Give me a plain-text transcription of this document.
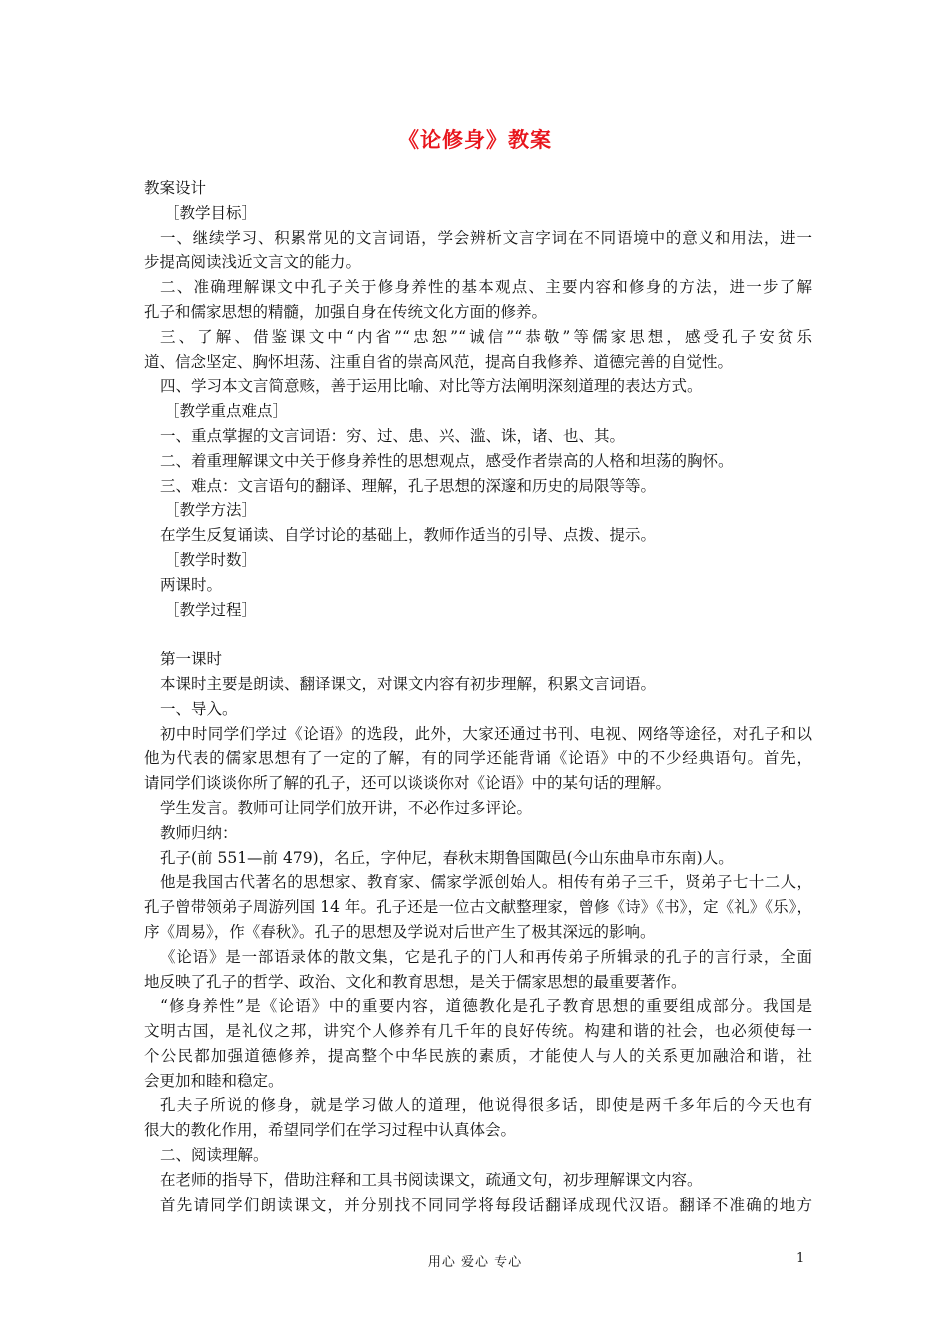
《论修身》教案
教案设计
［教学目标］
一、继续学习、积累常见的文言词语，学会辨析文言字词在不同语境中的意义和用法，进一
步提高阅读浅近文言文的能力。
二、准确理解课文中孔子关于修身养性的基本观点、主要内容和修身的方法，进一步了解
孔子和儒家思想的精髓，加强自身在传统文化方面的修养。
三、了解、借鉴课文中“内省”“忠恕”“诚信”“恭敬”等儒家思想，感受孔子安贫乐
道、信念坚定、胸怀坦荡、注重自省的崇高风范，提高自我修养、道德完善的自觉性。
四、学习本文言简意赅，善于运用比喻、对比等方法阐明深刻道理的表达方式。
［教学重点难点］
一、重点掌握的文言词语：穷、过、患、兴、滥、诛，诸、也、其。
二、着重理解课文中关于修身养性的思想观点，感受作者崇高的人格和坦荡的胸怀。
三、难点：文言语句的翻译、理解，孔子思想的深邃和历史的局限等等。
［教学方法］
在学生反复诵读、自学讨论的基础上，教师作适当的引导、点拨、提示。
［教学时数］
两课时。
［教学过程］
第一课时
本课时主要是朗读、翻译课文，对课文内容有初步理解，积累文言词语。
一、导入。
初中时同学们学过《论语》的选段，此外，大家还通过书刊、电视、网络等途径，对孔子和以
他为代表的儒家思想有了一定的了解，有的同学还能背诵《论语》中的不少经典语句。首先，
请同学们谈谈你所了解的孔子，还可以谈谈你对《论语》中的某句话的理解。
学生发言。教师可让同学们放开讲，不必作过多评论。
教师归纳：
孔子(前 551—前 479)，名丘，字仲尼，春秋末期鲁国陬邑(今山东曲阜市东南)人。
他是我国古代著名的思想家、教育家、儒家学派创始人。相传有弟子三千，贤弟子七十二人，
孔子曾带领弟子周游列国 14 年。孔子还是一位古文献整理家，曾修《诗》《书》，定《礼》《乐》，
序《周易》，作《春秋》。孔子的思想及学说对后世产生了极其深远的影响。
《论语》是一部语录体的散文集，它是孔子的门人和再传弟子所辑录的孔子的言行录，全面
地反映了孔子的哲学、政治、文化和教育思想，是关于儒家思想的最重要著作。
“修身养性”是《论语》中的重要内容，道德教化是孔子教育思想的重要组成部分。我国是
文明古国，是礼仪之邦，讲究个人修养有几千年的良好传统。构建和谐的社会，也必须使每一
个公民都加强道德修养，提高整个中华民族的素质，才能使人与人的关系更加融洽和谐，社
会更加和睦和稳定。
孔夫子所说的修身，就是学习做人的道理，他说得很多话，即使是两千多年后的今天也有
很大的教化作用，希望同学们在学习过程中认真体会。
二、阅读理解。
在老师的指导下，借助注释和工具书阅读课文，疏通文句，初步理解课文内容。
首先请同学们朗读课文，并分别找不同同学将每段话翻译成现代汉语。翻译不准确的地方
用心 爱心 专心	1
